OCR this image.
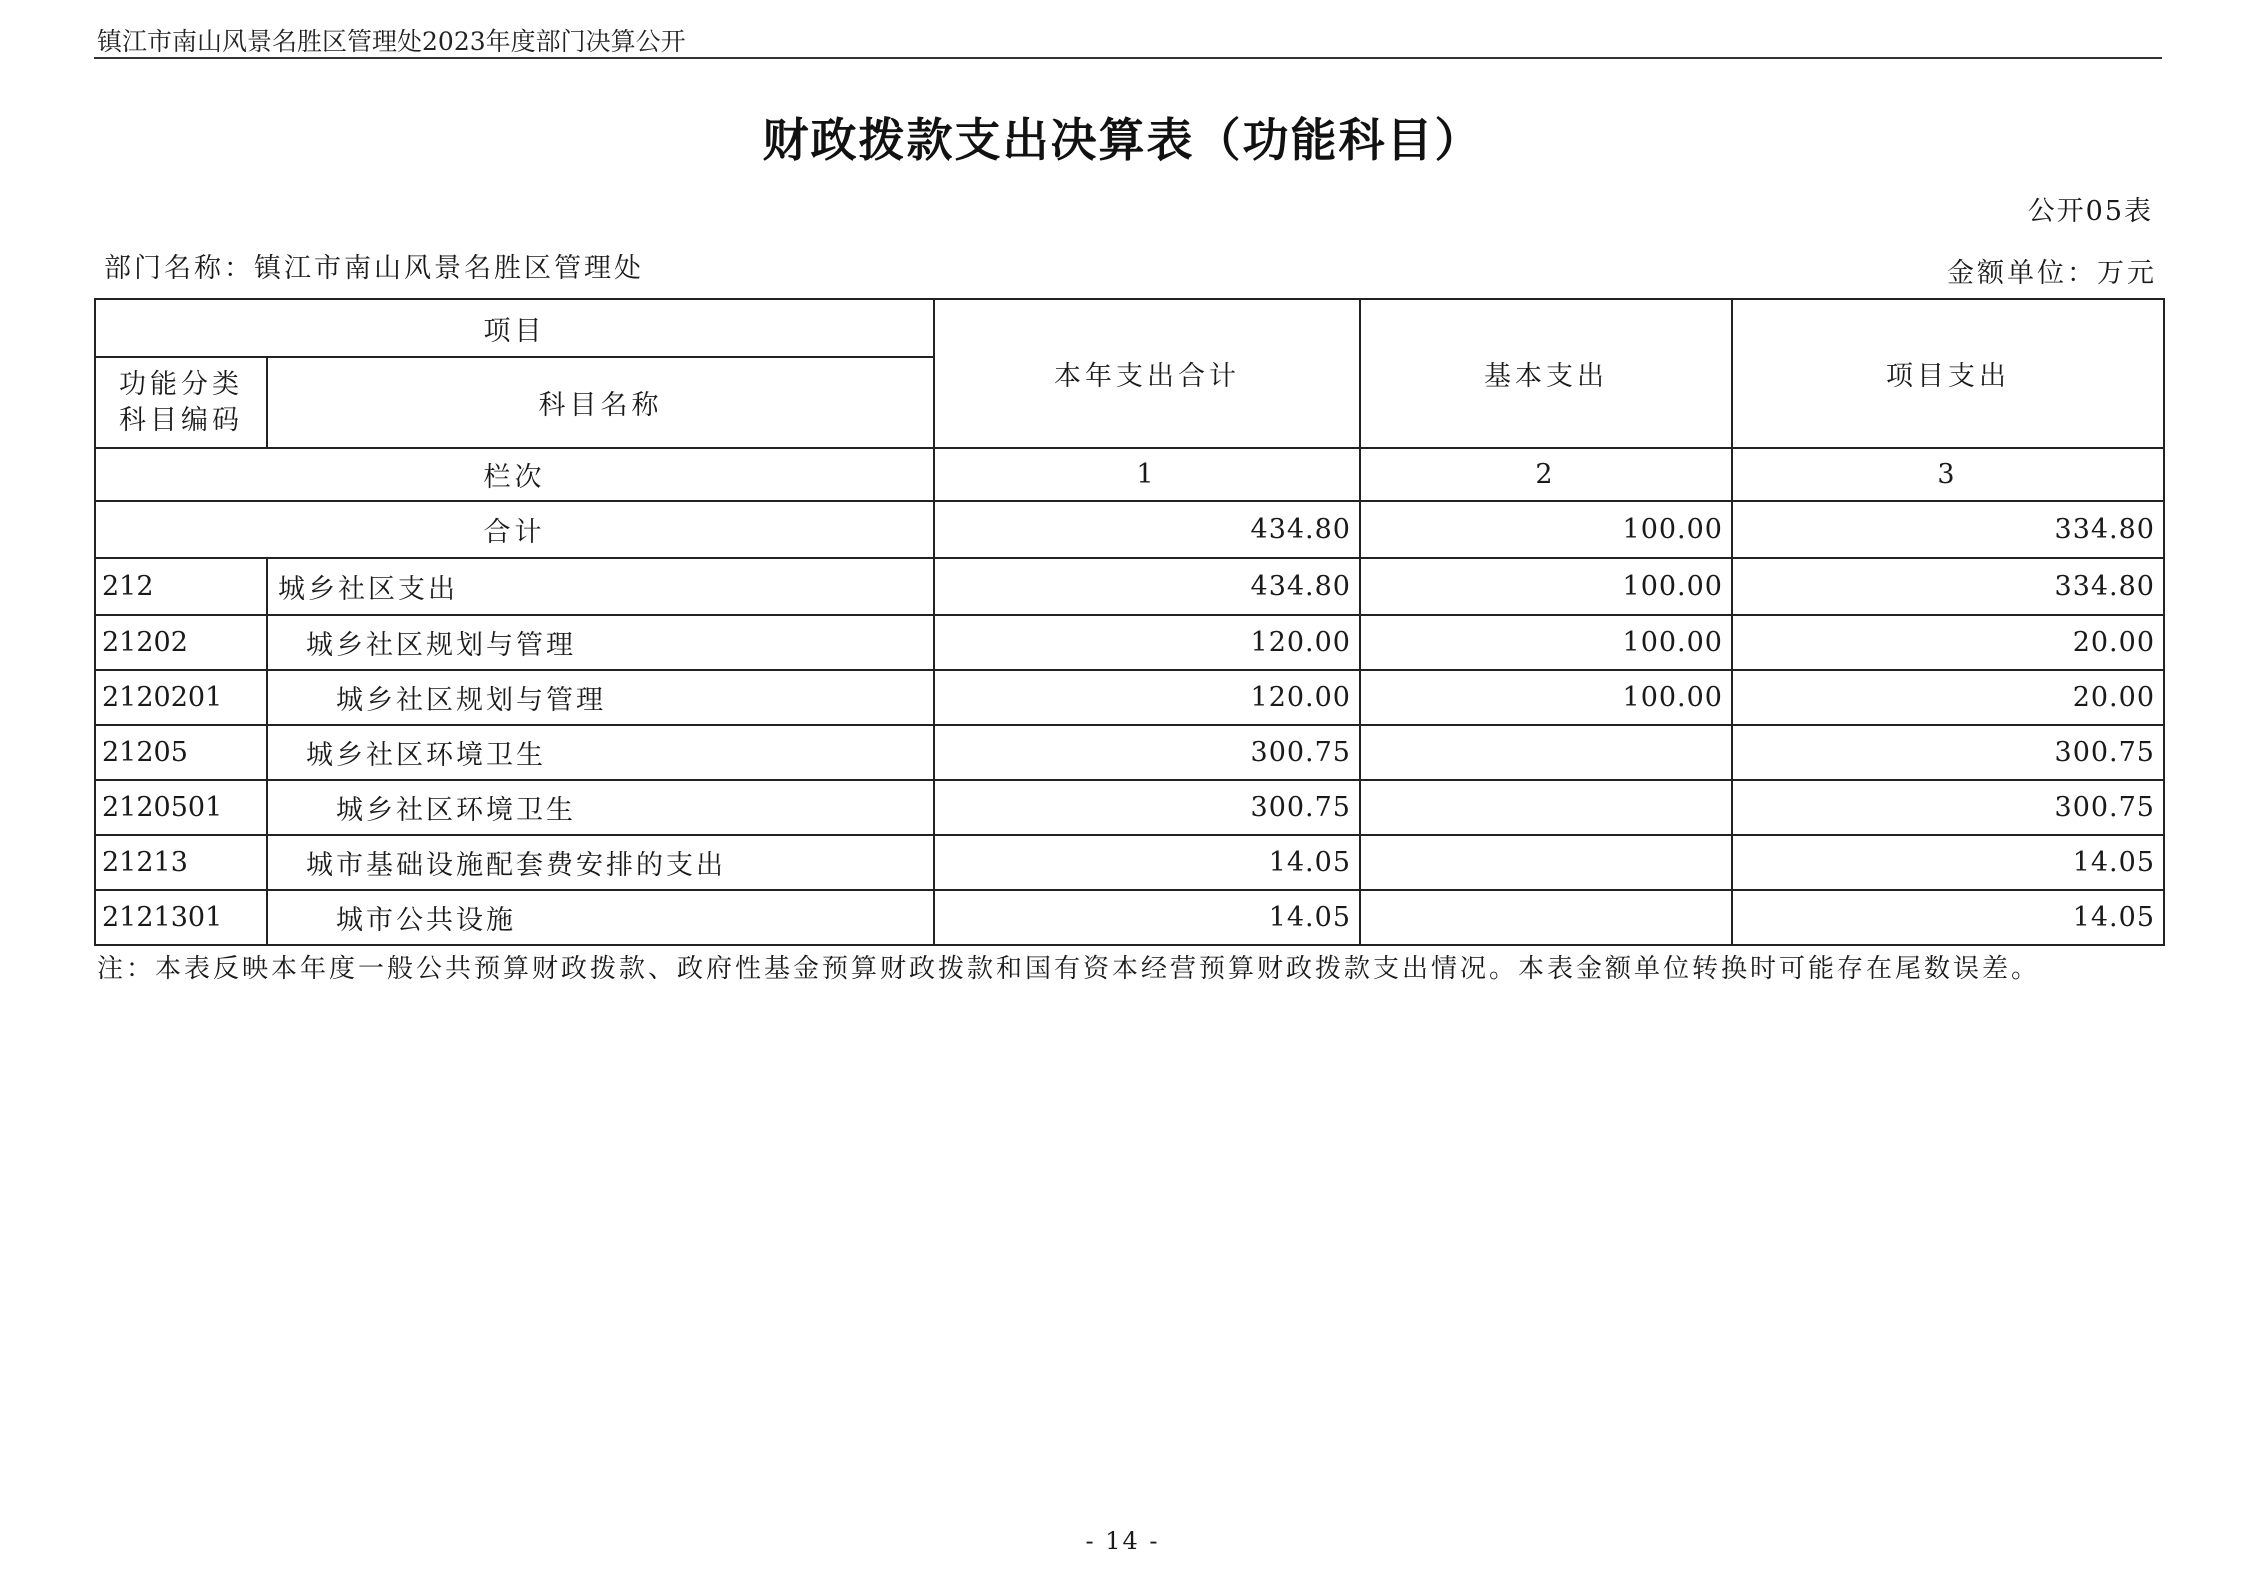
镇江市南山风景名胜区管理处2023年度部门决算公开
财政拨款支出决算表（功能科目）
公开05表
部门名称：镇江市南山风景名胜区管理处	金额单位：万元
项目		本年支出合计	基本支出	项目支出

功能分类
科目编码	科目名称			
栏次		1	2	3
合计		434.80	100.00	334.80
212	城乡社区支出	434.80	100.00	334.80
21202	城乡社区规划与管理	120.00	100.00	20.00
2120201	城乡社区规划与管理	120.00	100.00	20.00
21205	城乡社区环境卫生	300.75		300.75
2120501	城乡社区环境卫生	300.75		300.75
21213	城市基础设施配套费安排的支出	14.05		14.05
2121301	城市公共设施	14.05		14.05
注：本表反映本年度一般公共预算财政拨款、政府性基金预算财政拨款和国有资本经营预算财政拨款支出情况。本表金额单位转换时可能存在尾数误差。
- 14 -
